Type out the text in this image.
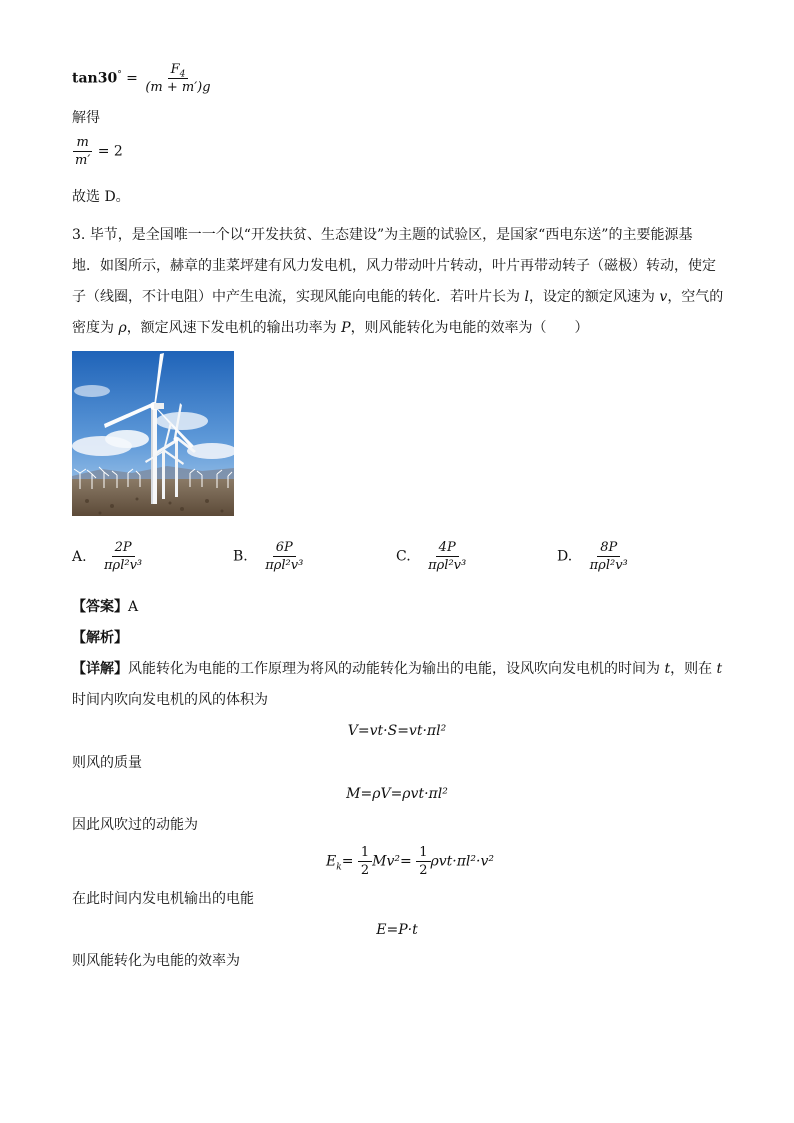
$\tan 30^\circ = \frac{F_4}{(m + m')g}$
解得
$\frac{m}{m'} = 2$
故选 D。
3. 毕节，是全国唯一一个以“开发扶贫、生态建设”为主题的试验区，是国家“西电东送”的主要能源基
地．如图所示，赫章的韭菜坪建有风力发电机，风力带动叶片转动，叶片再带动转子（磁极）转动，使定
子（线圈，不计电阻）中产生电流，实现风能向电能的转化．若叶片长为 l，设定的额定风速为 v，空气的
密度为 ρ，额定风速下发电机的输出功率为 P，则风能转化为电能的效率为（　　）
A. $\frac{2P}{\text{πρl²v³}}$	B. $\frac{6P}{\text{πρl²v³}}$	C. $\frac{4P}{\text{πρl²v³}}$	D. $\frac{8P}{\text{πρl²v³}}$
【答案】A
【解析】
【详解】风能转化为电能的工作原理为将风的动能转化为输出的电能，设风吹向发电机的时间为 t，则在 t
时间内吹向发电机的风的体积为
V=vt·S=vt·πl²
则风的质量
M=ρV=ρvt·πl²
因此风吹过的动能为
$E_k= \frac{1}{2} Mv^2= \frac{1}{2} \rho vt\cdot\pi l^2\cdot v^2$
在此时间内发电机输出的电能
E=P·t
则风能转化为电能的效率为
